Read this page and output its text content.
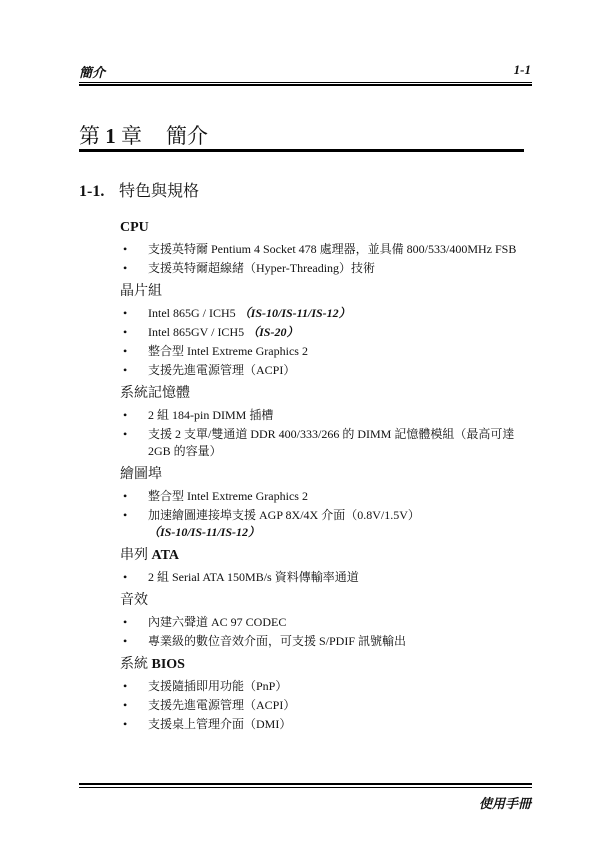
簡介	1-1
第 1 章 簡介
1-1. 特色與規格
CPU
• 支援英特爾 Pentium 4 Socket 478 處理器，並具備 800/533/400MHz FSB
• 支援英特爾超線緒（Hyper-Threading）技術
晶片組
• Intel 865G / ICH5 （IS-10/IS-11/IS-12）
• Intel 865GV / ICH5 （IS-20）
• 整合型 Intel Extreme Graphics 2
• 支援先進電源管理（ACPI）
系統記憶體
• 2 組 184-pin DIMM 插槽
• 支援 2 支單/雙通道 DDR 400/333/266 的 DIMM 記憶體模組（最高可達 2GB 的容量）
繪圖埠
• 整合型 Intel Extreme Graphics 2
• 加速繪圖連接埠支援 AGP 8X/4X 介面（0.8V/1.5V）
（IS-10/IS-11/IS-12）
串列 ATA
• 2 組 Serial ATA 150MB/s 資料傳輸率通道
音效
• 內建六聲道 AC 97 CODEC
• 專業級的數位音效介面，可支援 S/PDIF 訊號輸出
系統 BIOS
• 支援隨插即用功能（PnP）
• 支援先進電源管理（ACPI）
• 支援桌上管理介面（DMI）
使用手冊
